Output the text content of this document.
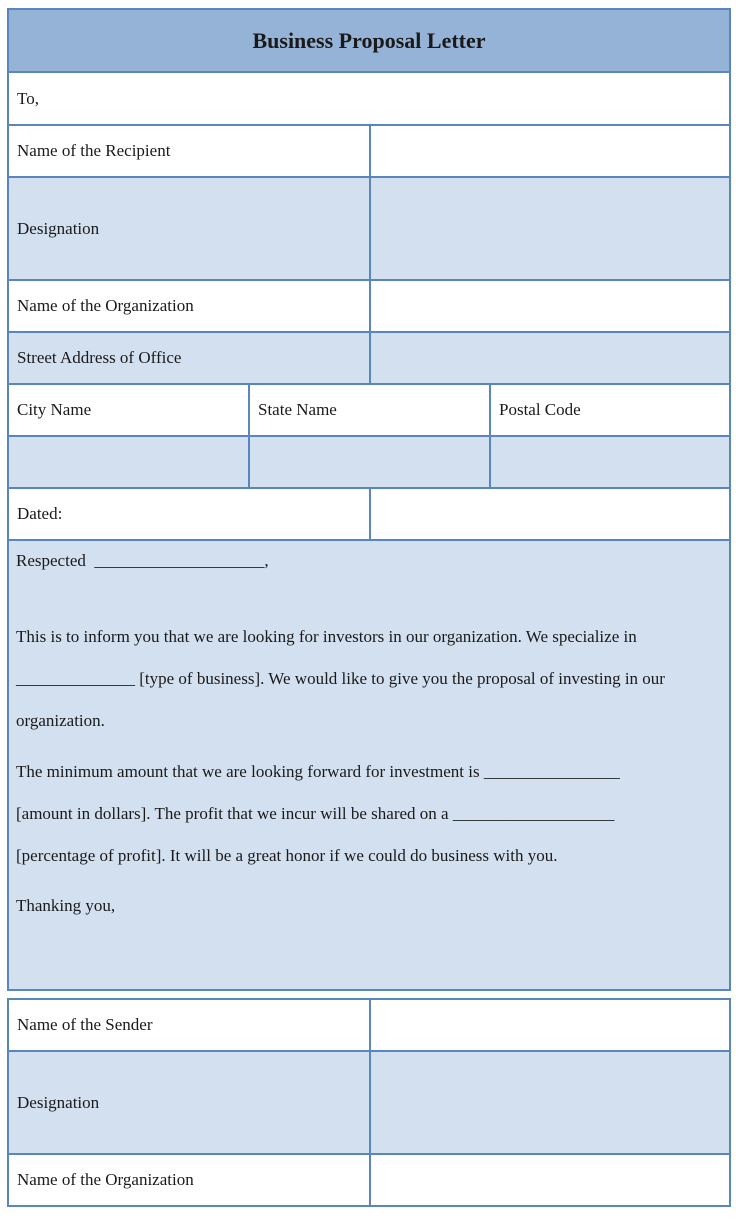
Business Proposal Letter
To,
Name of the Recipient
Designation
Name of the Organization
Street Address of Office
City Name	State Name	Postal Code
Dated:
Respected  ____________________,
This is to inform you that we are looking for investors in our organization. We specialize in
______________ [type of business]. We would like to give you the proposal of investing in our
organization.
The minimum amount that we are looking forward for investment is ________________
[amount in dollars]. The profit that we incur will be shared on a ___________________
[percentage of profit]. It will be a great honor if we could do business with you.
Thanking you,
Name of the Sender
Designation
Name of the Organization
